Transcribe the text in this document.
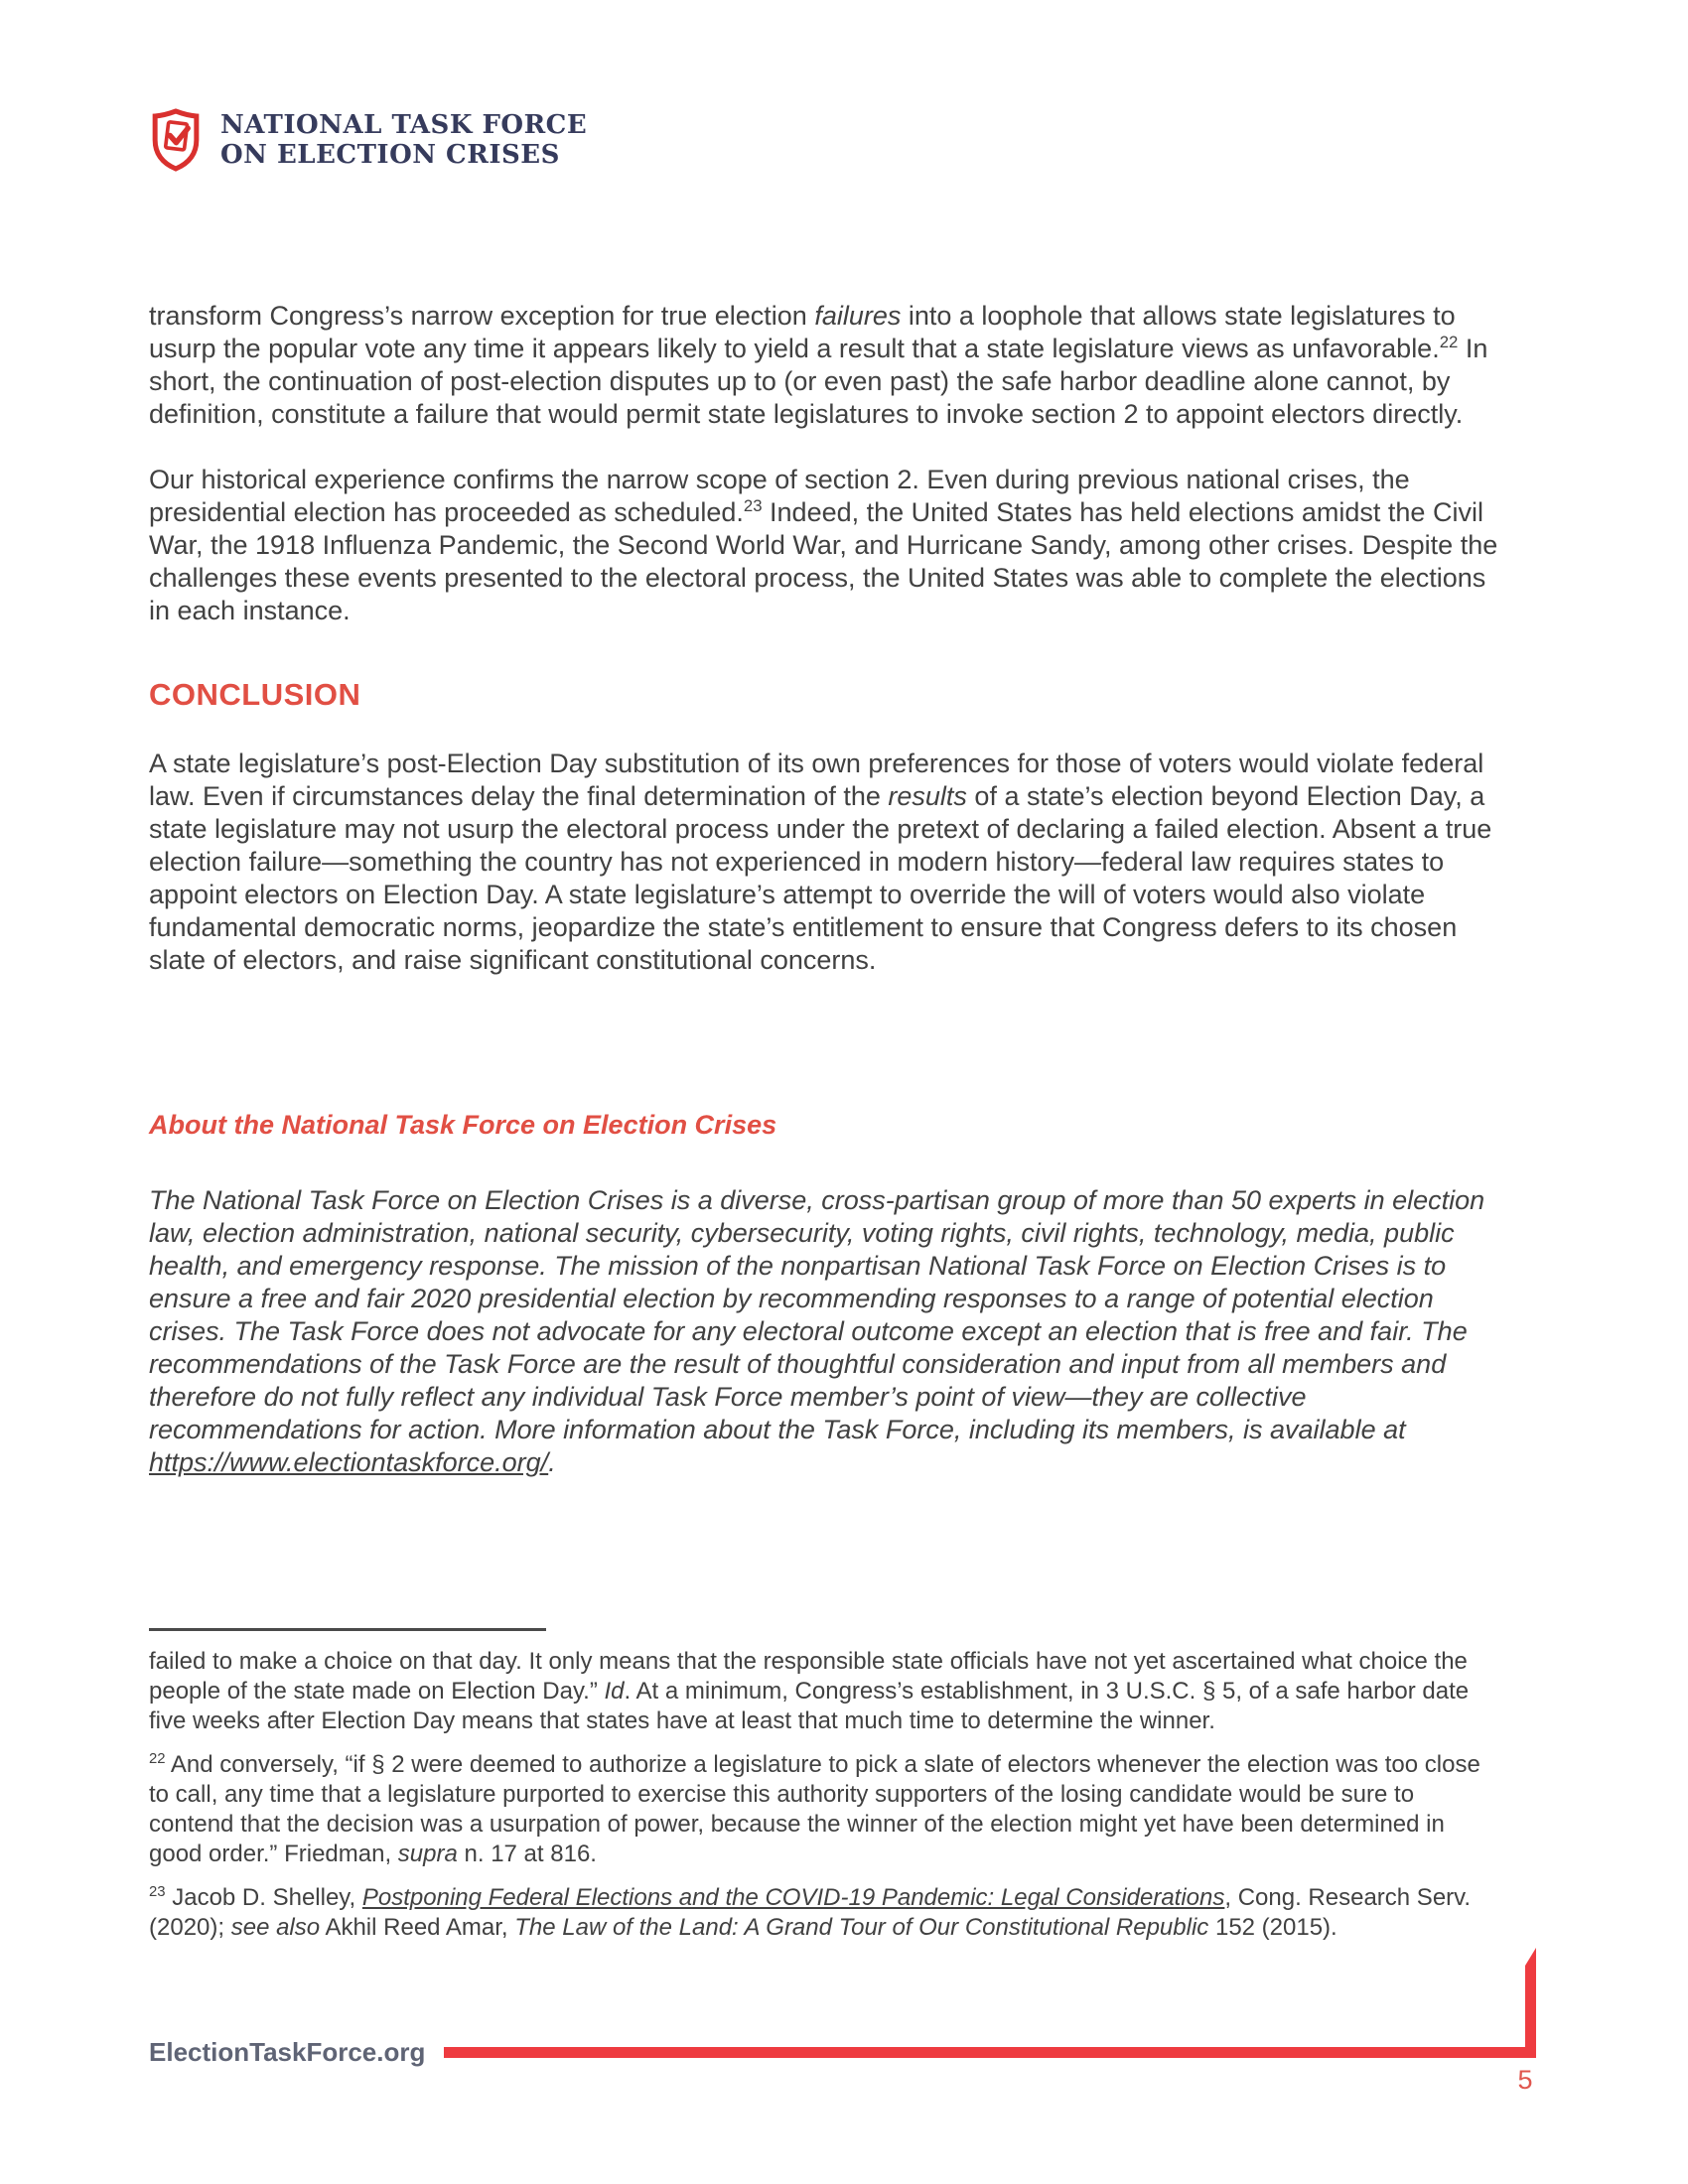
NATIONAL TASK FORCE
ON ELECTION CRISES

transform Congress’s narrow exception for true election failures into a loophole that allows state legislatures to usurp the popular vote any time it appears likely to yield a result that a state legislature views as unfavorable.$^{22}$ In short, the continuation of post-election disputes up to (or even past) the safe harbor deadline alone cannot, by definition, constitute a failure that would permit state legislatures to invoke section 2 to appoint electors directly.

Our historical experience confirms the narrow scope of section 2. Even during previous national crises, the presidential election has proceeded as scheduled.$^{23}$ Indeed, the United States has held elections amidst the Civil War, the 1918 Influenza Pandemic, the Second World War, and Hurricane Sandy, among other crises. Despite the challenges these events presented to the electoral process, the United States was able to complete the elections in each instance.

CONCLUSION

A state legislature’s post-Election Day substitution of its own preferences for those of voters would violate federal law. Even if circumstances delay the final determination of the results of a state’s election beyond Election Day, a state legislature may not usurp the electoral process under the pretext of declaring a failed election. Absent a true election failure—something the country has not experienced in modern history—federal law requires states to appoint electors on Election Day. A state legislature’s attempt to override the will of voters would also violate fundamental democratic norms, jeopardize the state’s entitlement to ensure that Congress defers to its chosen slate of electors, and raise significant constitutional concerns.

About the National Task Force on Election Crises

The National Task Force on Election Crises is a diverse, cross-partisan group of more than 50 experts in election law, election administration, national security, cybersecurity, voting rights, civil rights, technology, media, public health, and emergency response. The mission of the nonpartisan National Task Force on Election Crises is to ensure a free and fair 2020 presidential election by recommending responses to a range of potential election crises. The Task Force does not advocate for any electoral outcome except an election that is free and fair. The recommendations of the Task Force are the result of thoughtful consideration and input from all members and therefore do not fully reflect any individual Task Force member’s point of view—they are collective recommendations for action. More information about the Task Force, including its members, is available at https://www.electiontaskforce.org/.

failed to make a choice on that day. It only means that the responsible state officials have not yet ascertained what choice the people of the state made on Election Day.” Id. At a minimum, Congress’s establishment, in 3 U.S.C. § 5, of a safe harbor date five weeks after Election Day means that states have at least that much time to determine the winner.

$^{22}$ And conversely, “if § 2 were deemed to authorize a legislature to pick a slate of electors whenever the election was too close to call, any time that a legislature purported to exercise this authority supporters of the losing candidate would be sure to contend that the decision was a usurpation of power, because the winner of the election might yet have been determined in good order.” Friedman, supra n. 17 at 816.

$^{23}$ Jacob D. Shelley, Postponing Federal Elections and the COVID-19 Pandemic: Legal Considerations, Cong. Research Serv. (2020); see also Akhil Reed Amar, The Law of the Land: A Grand Tour of Our Constitutional Republic 152 (2015).

ElectionTaskForce.org
5
